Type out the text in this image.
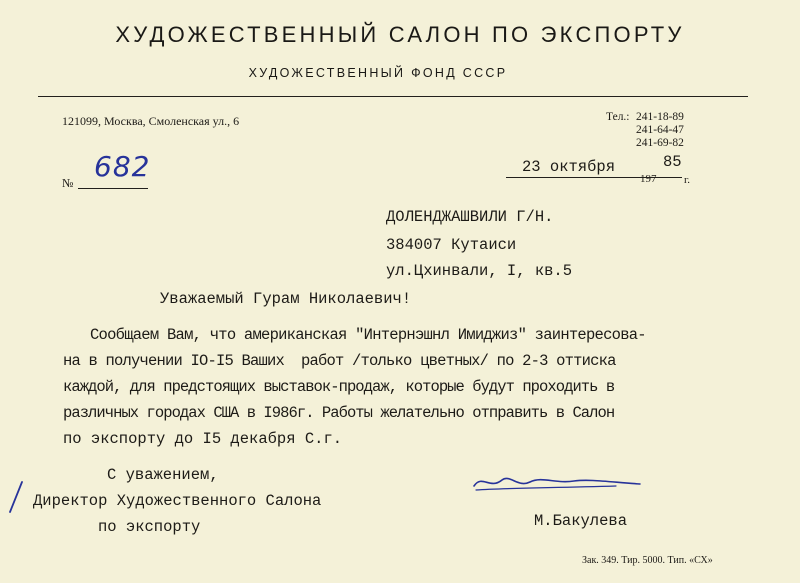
ХУДОЖЕСТВЕННЫЙ САЛОН ПО ЭКСПОРТУ
ХУДОЖЕСТВЕННЫЙ ФОНД СССР
121099, Москва, Смоленская ул., 6	Тел.: 241-18-89
241-64-47
241-69-82
№ 682	23 октября
197
85
г.
ДОЛЕНДЖАШВИЛИ Г/Н.
384007 Кутаиси
ул.Цхинвали, I, кв.5
Уважаемый Гурам Николаевич!
Сообщаем Вам, что американская "Интернэшнл Имиджиз" заинтересова-
на в получении IO-I5 Ваших  работ /только цветных/ по 2-3 оттиска
каждой, для предстоящих выставок-продаж, которые будут проходить в
различных городах США в I986г. Работы желательно отправить в Салон
по экспорту до I5 декабря С.г.
С уважением,
Директор Художественного Салона
по экспорту	М.Бакулева
Зак. 349. Тир. 5000. Тип. «СХ»
